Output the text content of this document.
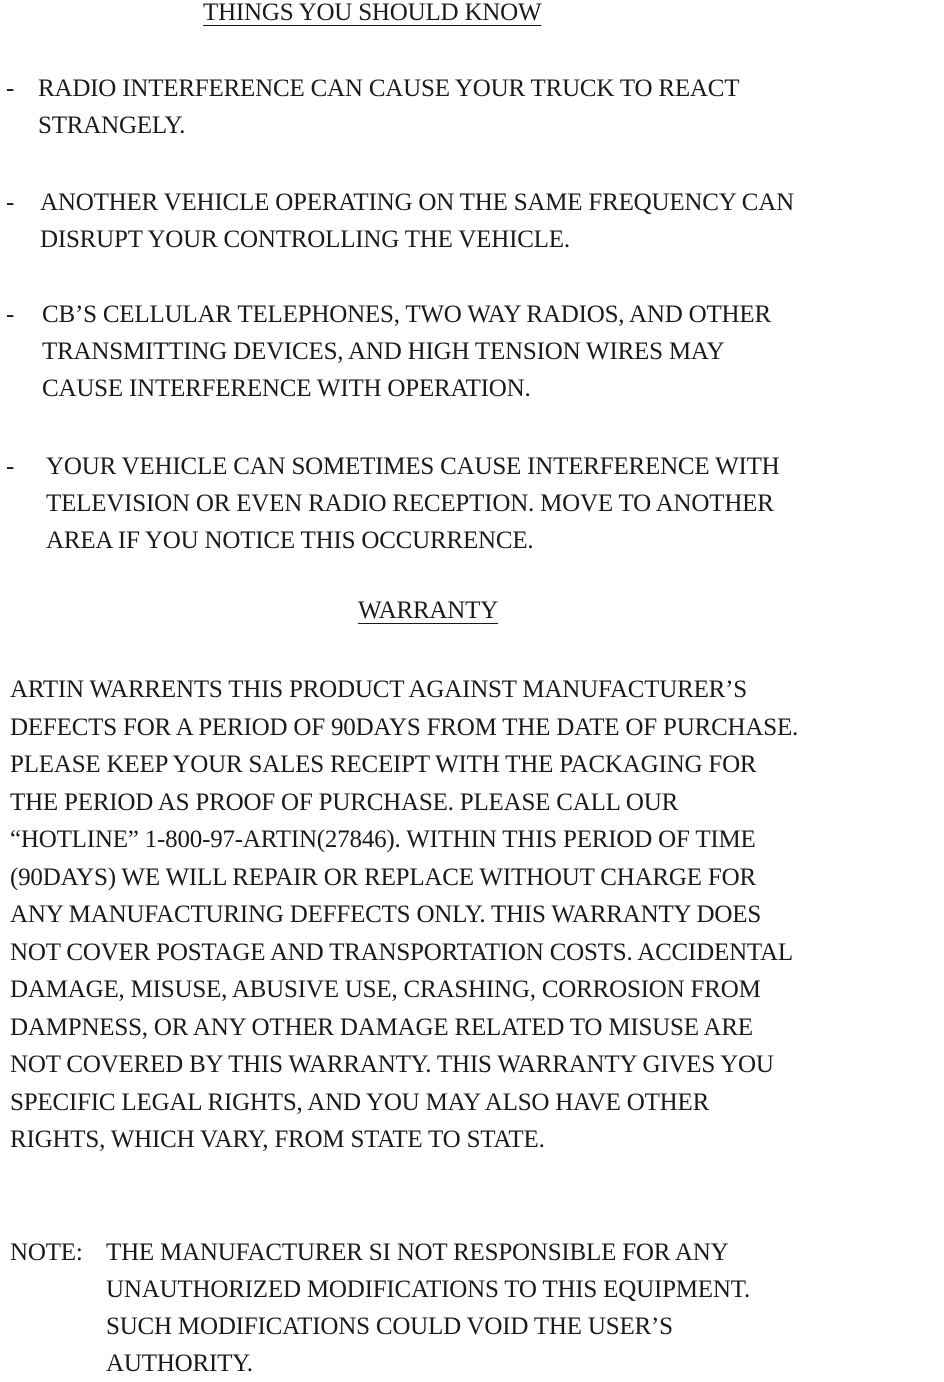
THINGS YOU SHOULD KNOW
- RADIO INTERFERENCE CAN CAUSE YOUR TRUCK TO REACT
STRANGELY.
- ANOTHER VEHICLE OPERATING ON THE SAME FREQUENCY CAN
DISRUPT YOUR CONTROLLING THE VEHICLE.
- CB’S CELLULAR TELEPHONES, TWO WAY RADIOS, AND OTHER
TRANSMITTING DEVICES, AND HIGH TENSION WIRES MAY
CAUSE INTERFERENCE WITH OPERATION.
- YOUR VEHICLE CAN SOMETIMES CAUSE INTERFERENCE WITH
TELEVISION OR EVEN RADIO RECEPTION. MOVE TO ANOTHER
AREA IF YOU NOTICE THIS OCCURRENCE.
WARRANTY

ARTIN WARRENTS THIS PRODUCT AGAINST MANUFACTURER’S
DEFECTS FOR A PERIOD OF 90DAYS FROM THE DATE OF PURCHASE.
PLEASE KEEP YOUR SALES RECEIPT WITH THE PACKAGING FOR
THE PERIOD AS PROOF OF PURCHASE. PLEASE CALL OUR
“HOTLINE” 1-800-97-ARTIN(27846). WITHIN THIS PERIOD OF TIME
(90DAYS) WE WILL REPAIR OR REPLACE WITHOUT CHARGE FOR
ANY MANUFACTURING DEFFECTS ONLY. THIS WARRANTY DOES
NOT COVER POSTAGE AND TRANSPORTATION COSTS. ACCIDENTAL
DAMAGE, MISUSE, ABUSIVE USE, CRASHING, CORROSION FROM
DAMPNESS, OR ANY OTHER DAMAGE RELATED TO MISUSE ARE
NOT COVERED BY THIS WARRANTY. THIS WARRANTY GIVES YOU
SPECIFIC LEGAL RIGHTS, AND YOU MAY ALSO HAVE OTHER
RIGHTS, WHICH VARY, FROM STATE TO STATE.

NOTE: THE MANUFACTURER SI NOT RESPONSIBLE FOR ANY
UNAUTHORIZED MODIFICATIONS TO THIS EQUIPMENT.
SUCH MODIFICATIONS COULD VOID THE USER’S
AUTHORITY.
